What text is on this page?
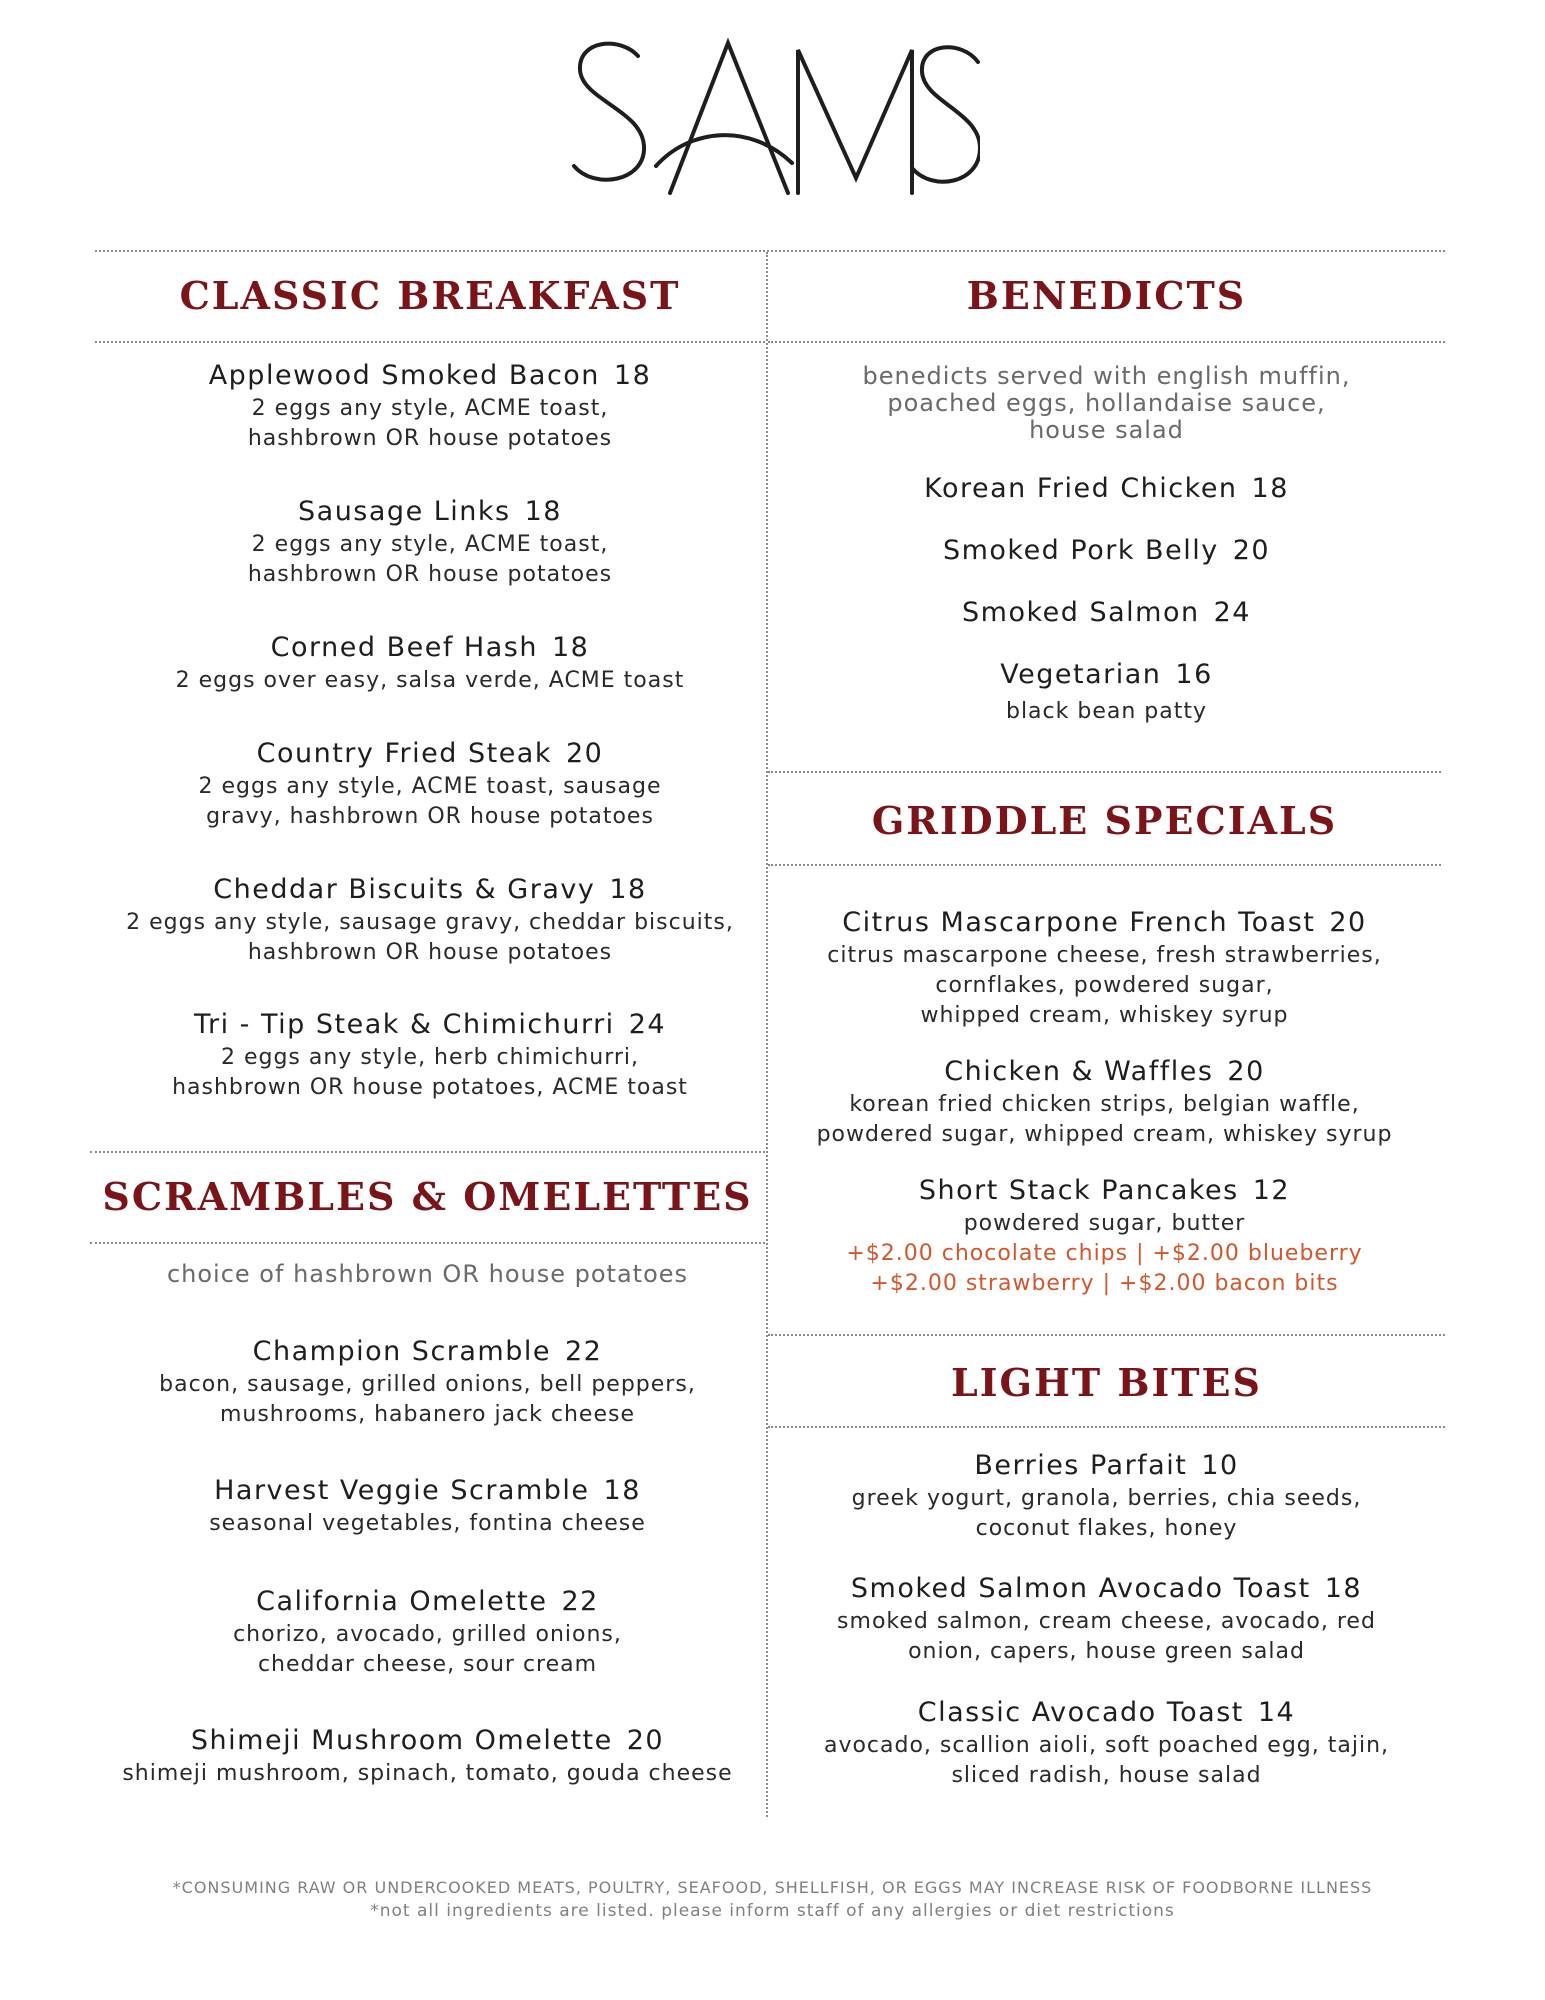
CLASSIC BREAKFAST
Applewood Smoked Bacon 18
2 eggs any style, ACME toast,
hashbrown OR house potatoes
Sausage Links 18
2 eggs any style, ACME toast,
hashbrown OR house potatoes
Corned Beef Hash 18
2 eggs over easy, salsa verde, ACME toast
Country Fried Steak 20
2 eggs any style, ACME toast, sausage
gravy, hashbrown OR house potatoes
Cheddar Biscuits & Gravy 18
2 eggs any style, sausage gravy, cheddar biscuits,
hashbrown OR house potatoes
Tri - Tip Steak & Chimichurri 24
2 eggs any style, herb chimichurri,
hashbrown OR house potatoes, ACME toast
SCRAMBLES & OMELETTES
choice of hashbrown OR house potatoes
Champion Scramble 22
bacon, sausage, grilled onions, bell peppers,
mushrooms, habanero jack cheese
Harvest Veggie Scramble 18
seasonal vegetables, fontina cheese
California Omelette 22
chorizo, avocado, grilled onions,
cheddar cheese, sour cream
Shimeji Mushroom Omelette 20
shimeji mushroom, spinach, tomato, gouda cheese
BENEDICTS
benedicts served with english muffin,
poached eggs, hollandaise sauce,
house salad
Korean Fried Chicken 18
Smoked Pork Belly 20
Smoked Salmon 24
Vegetarian 16
black bean patty
GRIDDLE SPECIALS
Citrus Mascarpone French Toast 20
citrus mascarpone cheese, fresh strawberries,
cornflakes, powdered sugar,
whipped cream, whiskey syrup
Chicken & Waffles 20
korean fried chicken strips, belgian waffle,
powdered sugar, whipped cream, whiskey syrup
Short Stack Pancakes 12
powdered sugar, butter
+$2.00 chocolate chips | +$2.00 blueberry
+$2.00 strawberry | +$2.00 bacon bits
LIGHT BITES
Berries Parfait 10
greek yogurt, granola, berries, chia seeds,
coconut flakes, honey
Smoked Salmon Avocado Toast 18
smoked salmon, cream cheese, avocado, red
onion, capers, house green salad
Classic Avocado Toast 14
avocado, scallion aioli, soft poached egg, tajin,
sliced radish, house salad
*CONSUMING RAW OR UNDERCOOKED MEATS, POULTRY, SEAFOOD, SHELLFISH, OR EGGS MAY INCREASE RISK OF FOODBORNE ILLNESS
*not all ingredients are listed. please inform staff of any allergies or diet restrictions
